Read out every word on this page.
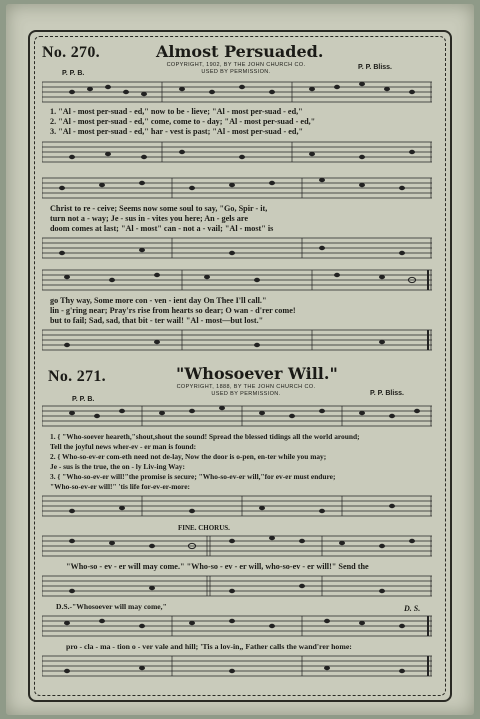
No. 270.	Almost Persuaded.
COPYRIGHT, 1902, BY THE JOHN CHURCH CO.
USED BY PERMISSION.
P. P. B.
P. P. Bliss.
1. "Al - most per-suad - ed," now to be - lieve; "Al - most per-suad - ed,"
2. "Al - most per-suad - ed," come, come to - day; "Al - most per-suad - ed,"
3. "Al - most per-suad - ed," har - vest is past; "Al - most per-suad - ed,"
Christ to re - ceive; Seems now some soul to say, "Go, Spir - it,
turn not a - way; Je - sus in - vites you here; An - gels are
doom comes at last; "Al - most" can - not a - vail; "Al - most" is
go Thy way, Some more con - ven - ient day On Thee I'll call."
lin - g'ring near; Pray'rs rise from hearts so dear; O wan - d'rer come!
but to fail; Sad, sad, that bit - ter wail! "Al - most—but lost."
No. 271.	"Whosoever Will."
COPYRIGHT, 1888, BY THE JOHN CHURCH CO.
USED BY PERMISSION.
P. P. B.
P. P. Bliss.
1. { "Who-soever heareth,"shout,shout the sound! Spread the blessed tidings all the world around;
Tell the joyful news wher-ev - er man is found:
2. { Who-so-ev-er com-eth need not de-lay, Now the door is o-pen, en-ter while you may;
Je - sus is the true, the on - ly Liv-ing Way:
3. { "Who-so-ev-er will!"the promise is secure; "Who-so-ev-er will,"for ev-er must endure;
"Who-so-ev-er will!" 'tis life for-ev-er-more:
FINE. CHORUS.
"Who-so - ev - er will may come." "Who-so - ev - er will, who-so-ev - er will!" Send the
D.S.-"Whosoever will may come,"	D. S.
pro - cla - ma - tion o - ver vale and hill; 'Tis a lov-in„ Father calls the wand'rer home:
